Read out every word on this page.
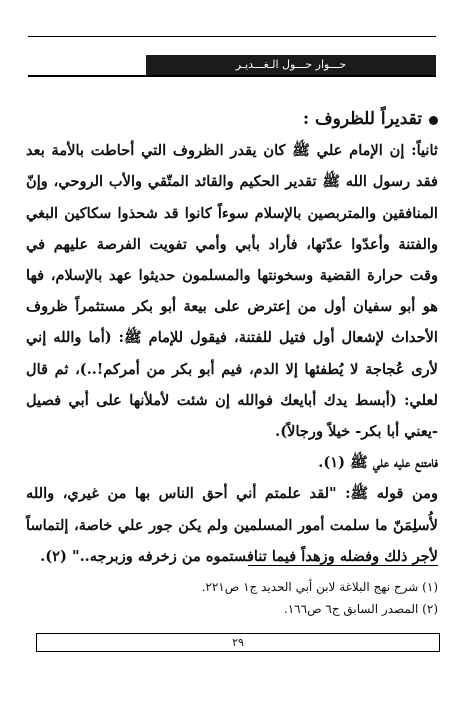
حـــوار حـــول الـغـــديـر

تقديراً للظروف :

ثانياً: إن الإمام علي ﷺ كان يقدر الظروف التي أحاطت بالأمة بعد فقد رسول الله ﷺ تقدير الحكيم والقائد المتّقي والأب الروحي، وإنّ المنافقين والمتربصين بالإسلام سوءاً كانوا قد شحذوا سكاكين البغي والفتنة وأعدّوا عدّتها، فأراد بأبي وأمي تفويت الفرصة عليهم في وقت حرارة القضية وسخونتها والمسلمون حديثوا عهد بالإسلام، فها هو أبو سفيان أول من إعترض على بيعة أبو بكر مستثمراً ظروف الأحداث لإشعال أول فتيل للفتنة، فيقول للإمام ﷺ: (أما والله إني لأرى عُجاجة لا يُطفئها إلا الدم، فيم أبو بكر من أمركم!..)، ثم قال لعلي: (أبسط يدك أبايعك فوالله إن شئت لأملأنها على أبي فصيل -يعني أبا بكر- خيلاً ورجالاً).

فامتنع عليه علي ﷺ (١).

ومن قوله ﷺ: "لقد علمتم أني أحق الناس بها من غيري، والله لأُسلِمَنّ ما سلمت أمور المسلمين ولم يكن جور علي خاصة، إلتماساً لأجر ذلك وفضله وزهداً فيما تنافستموه من زخرفه وزبرجه.." (٢).

(١) شرح نهج البلاغة لابن أبي الحديد ج١ ص٢٢١.

(٢) المصدر السابق ج٦ ص١٦٦.

٢٩
